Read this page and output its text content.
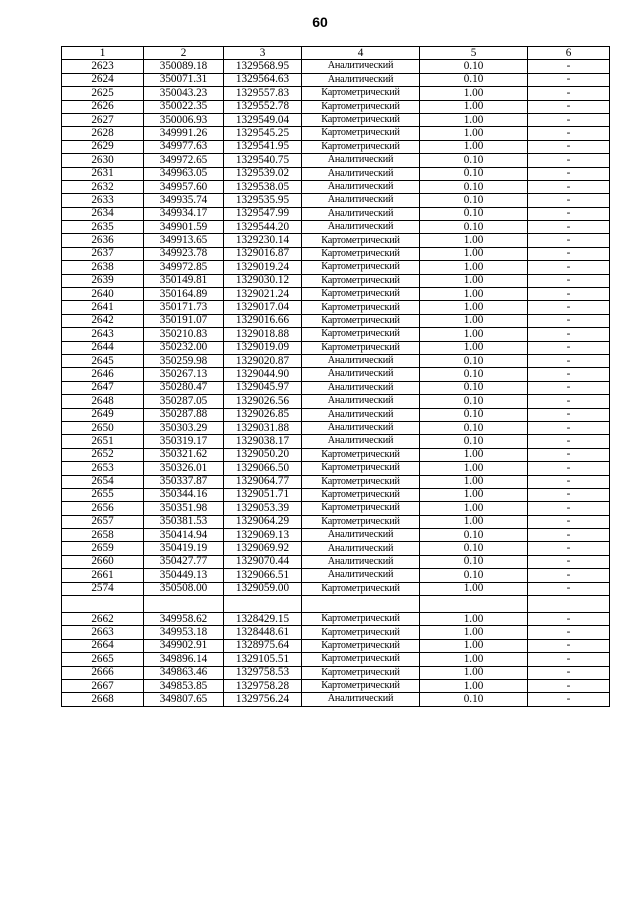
60
1	2	3	4	5	6
2623	350089.18	1329568.95	Аналитический	0.10	-
2624	350071.31	1329564.63	Аналитический	0.10	-
2625	350043.23	1329557.83	Картометрический	1.00	-
2626	350022.35	1329552.78	Картометрический	1.00	-
2627	350006.93	1329549.04	Картометрический	1.00	-
2628	349991.26	1329545.25	Картометрический	1.00	-
2629	349977.63	1329541.95	Картометрический	1.00	-
2630	349972.65	1329540.75	Аналитический	0.10	-
2631	349963.05	1329539.02	Аналитический	0.10	-
2632	349957.60	1329538.05	Аналитический	0.10	-
2633	349935.74	1329535.95	Аналитический	0.10	-
2634	349934.17	1329547.99	Аналитический	0.10	-
2635	349901.59	1329544.20	Аналитический	0.10	-
2636	349913.65	1329230.14	Картометрический	1.00	-
2637	349923.78	1329016.87	Картометрический	1.00	-
2638	349972.85	1329019.24	Картометрический	1.00	-
2639	350149.81	1329030.12	Картометрический	1.00	-
2640	350164.89	1329021.24	Картометрический	1.00	-
2641	350171.73	1329017.04	Картометрический	1.00	-
2642	350191.07	1329016.66	Картометрический	1.00	-
2643	350210.83	1329018.88	Картометрический	1.00	-
2644	350232.00	1329019.09	Картометрический	1.00	-
2645	350259.98	1329020.87	Аналитический	0.10	-
2646	350267.13	1329044.90	Аналитический	0.10	-
2647	350280.47	1329045.97	Аналитический	0.10	-
2648	350287.05	1329026.56	Аналитический	0.10	-
2649	350287.88	1329026.85	Аналитический	0.10	-
2650	350303.29	1329031.88	Аналитический	0.10	-
2651	350319.17	1329038.17	Аналитический	0.10	-
2652	350321.62	1329050.20	Картометрический	1.00	-
2653	350326.01	1329066.50	Картометрический	1.00	-
2654	350337.87	1329064.77	Картометрический	1.00	-
2655	350344.16	1329051.71	Картометрический	1.00	-
2656	350351.98	1329053.39	Картометрический	1.00	-
2657	350381.53	1329064.29	Картометрический	1.00	-
2658	350414.94	1329069.13	Аналитический	0.10	-
2659	350419.19	1329069.92	Аналитический	0.10	-
2660	350427.77	1329070.44	Аналитический	0.10	-
2661	350449.13	1329066.51	Аналитический	0.10	-
2574	350508.00	1329059.00	Картометрический	1.00	-

2662	349958.62	1328429.15	Картометрический	1.00	-
2663	349953.18	1328448.61	Картометрический	1.00	-
2664	349902.91	1328975.64	Картометрический	1.00	-
2665	349896.14	1329105.51	Картометрический	1.00	-
2666	349863.46	1329758.53	Картометрический	1.00	-
2667	349853.85	1329758.28	Картометрический	1.00	-
2668	349807.65	1329756.24	Аналитический	0.10	-
